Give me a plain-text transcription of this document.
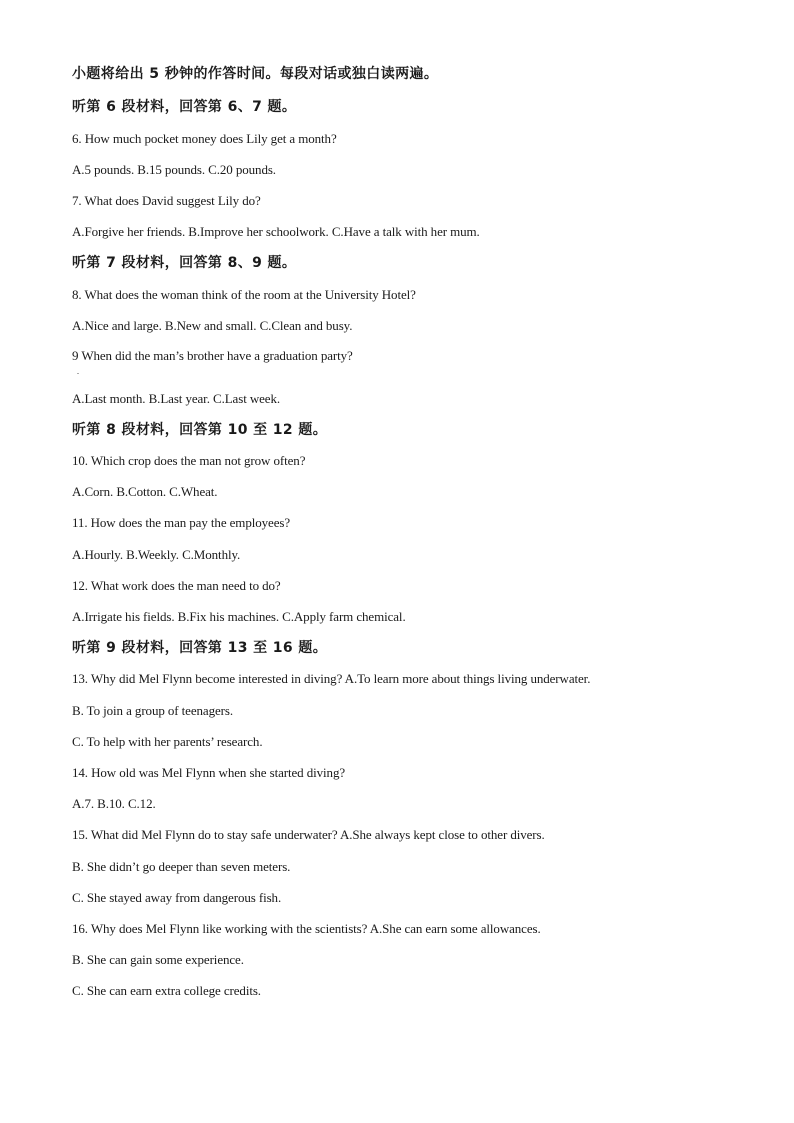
小题将给出 5 秒钟的作答时间。每段对话或独白读两遍。
听第 6 段材料，回答第 6、7 题。
6. How much pocket money does Lily get a month?
A.5 pounds. B.15 pounds. C.20 pounds.
7. What does David suggest Lily do?
A.Forgive her friends. B.Improve her schoolwork. C.Have a talk with her mum.
听第 7 段材料，回答第 8、9 题。
8. What does the woman think of the room at the University Hotel?
A.Nice and large. B.New and small. C.Clean and busy.
9 When did the man’s brother have a graduation party?
.
A.Last month. B.Last year. C.Last week.
听第 8 段材料，回答第 10 至 12 题。
10. Which crop does the man not grow often?
A.Corn. B.Cotton. C.Wheat.
11. How does the man pay the employees?
A.Hourly. B.Weekly. C.Monthly.
12. What work does the man need to do?
A.Irrigate his fields. B.Fix his machines. C.Apply farm chemical.
听第 9 段材料，回答第 13 至 16 题。
13. Why did Mel Flynn become interested in diving? A.To learn more about things living underwater.
B. To join a group of teenagers.
C. To help with her parents’ research.
14. How old was Mel Flynn when she started diving?
A.7. B.10. C.12.
15. What did Mel Flynn do to stay safe underwater? A.She always kept close to other divers.
B. She didn’t go deeper than seven meters.
C. She stayed away from dangerous fish.
16. Why does Mel Flynn like working with the scientists? A.She can earn some allowances.
B. She can gain some experience.
C. She can earn extra college credits.
